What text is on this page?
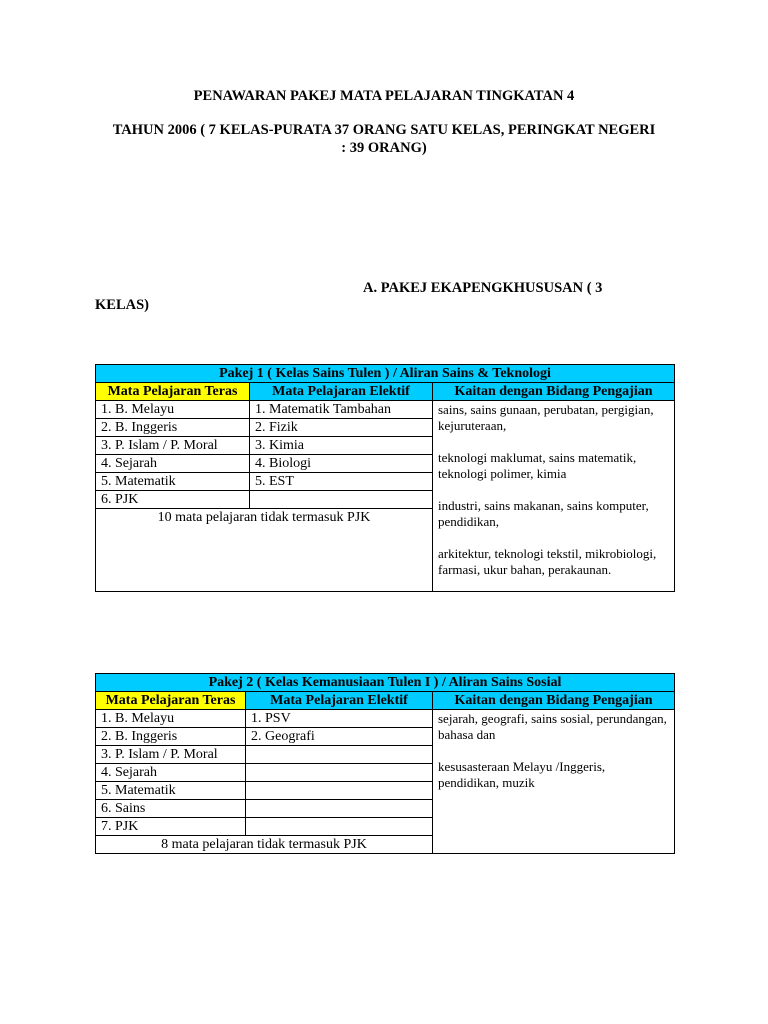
PENAWARAN PAKEJ MATA PELAJARAN TINGKATAN 4
TAHUN 2006 ( 7 KELAS-PURATA 37 ORANG SATU KELAS, PERINGKAT NEGERI : 39 ORANG)
A. PAKEJ EKAPENGKHUSUSAN ( 3
KELAS)
Pakej 1 ( Kelas Sains Tulen ) / Aliran Sains & Teknologi		
Mata Pelajaran Teras	Mata Pelajaran Elektif	Kaitan dengan Bidang Pengajian
1. B. Melayu	1. Matematik Tambahan	sains, sains gunaan, perubatan, pergigian, kejuruteraan,
teknologi maklumat, sains matematik, teknologi polimer, kimia
industri, sains makanan, sains komputer, pendidikan,
arkitektur, teknologi tekstil, mikrobiologi, farmasi, ukur bahan, perakaunan.

2. B. Inggeris	2. Fizik	
3. P. Islam / P. Moral	3. Kimia	
4. Sejarah	4. Biologi	
5. Matematik	5. EST	
6. PJK		
10 mata pelajaran tidak termasuk PJK		
Pakej 2 ( Kelas Kemanusiaan Tulen I ) / Aliran Sains Sosial		
Mata Pelajaran Teras	Mata Pelajaran Elektif	Kaitan dengan Bidang Pengajian
1. B. Melayu	1. PSV	sejarah, geografi, sains sosial, perundangan, bahasa dan
kesusasteraan Melayu /Inggeris, pendidikan, muzik

2. B. Inggeris	2. Geografi	
3. P. Islam / P. Moral		
4. Sejarah		
5. Matematik		
6. Sains		
7. PJK		
8 mata pelajaran tidak termasuk PJK		
